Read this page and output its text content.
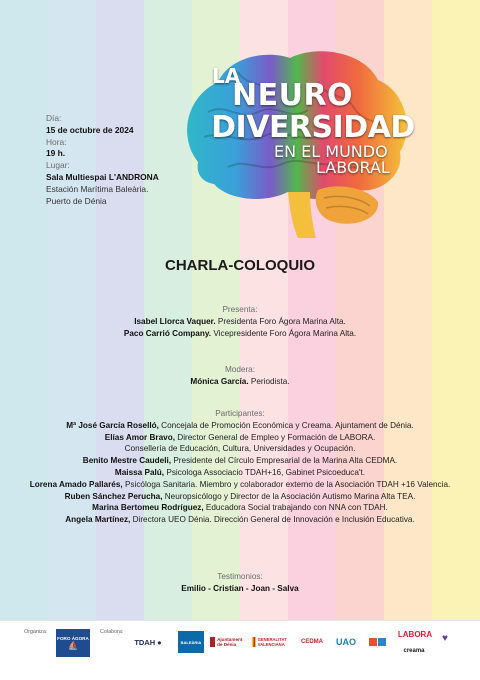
LA
NEURO
DIVERSIDAD
EN EL MUNDO
LABORAL
Día:
15 de octubre de 2024
Hora:
19 h.
Lugar:
Sala Multiespai L'ANDRONA
Estación Marítima Baleària.
Puerto de Dénia
CHARLA-COLOQUIO
Presenta:
Isabel Llorca Vaquer. Presidenta Foro Ágora Marina Alta.
Paco Carrió Company. Vicepresidente Foro Ágora Marina Alta.
Modera:
Mónica García. Periodista.
Participantes:
Mª José García Roselló, Concejala de Promoción Económica y Creama. Ajuntament de Dénia.
Elías Amor Bravo, Director General de Empleo y Formación de LABORA.
Consellería de Educación, Cultura, Universidades y Ocupación.
Benito Mestre Caudeli, Presidente del Círculo Empresarial de la Marina Alta CEDMA.
Maissa Palú, Psicologa Associacio TDAH+16, Gabinet Psicoeduca't.
Lorena Amado Pallarés, Psicóloga Sanitaria. Miembro y colaborador externo de la Asociación TDAH +16 Valencia.
Ruben Sánchez Perucha, Neuropsicólogo y Director de la Asociación Autismo Marina Alta TEA.
Marina Bertomeu Rodríguez, Educadora Social trabajando con NNA con TDAH.
Angela Martínez, Directora UEO Dénia. Dirección General de Innovación e Inclusión Educativa.
Testimonios:
Emilio - Cristian - Joan - Salva
Organiza:	Colabora:
FORO ÁGORA
⛵	TDAH ●	BALEÀRIA	Ajuntament de Dénia
GENERALITAT VALENCIANA	CEDMA	UAO
LABORA
creama
♥
